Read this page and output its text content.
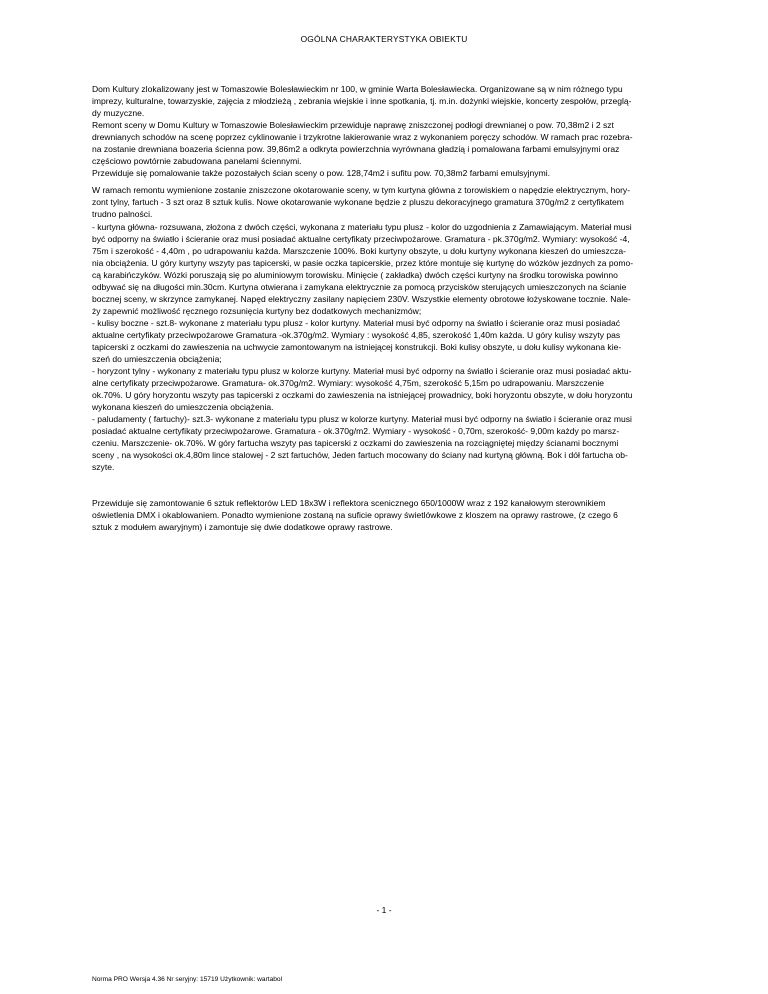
OGÓLNA CHARAKTERYSTYKA OBIEKTU
Dom Kultury zlokalizowany jest w Tomaszowie Bolesławieckim nr 100, w gminie Warta Bolesławiecka. Organizowane są w nim różnego typu
imprezy, kulturalne, towarzyskie, zajęcia z młodzieżą , zebrania wiejskie i inne spotkania, tj. m.in. dożynki wiejskie, koncerty zespołów, przeglą-
dy muzyczne.
Remont sceny w Domu Kultury w Tomaszowie Bolesławieckim przewiduje naprawę zniszczonej podłogi drewnianej o pow. 70,38m2 i 2 szt
drewnianych schodów na scenę poprzez cyklinowanie i trzykrotne lakierowanie wraz z wykonaniem poręczy schodów. W ramach prac rozebra-
na zostanie drewniana boazeria ścienna pow. 39,86m2 a odkryta powierzchnia wyrównana gładzią i pomalowana farbami emulsyjnymi oraz
częściowo powtórnie zabudowana panelami ściennymi.
Przewiduje się pomalowanie także pozostałych ścian sceny o pow. 128,74m2 i sufitu pow. 70,38m2 farbami emulsyjnymi.
W ramach remontu wymienione zostanie zniszczone okotarowanie sceny, w tym kurtyna główna z torowiskiem o napędzie elektrycznym, hory-
zont tylny, fartuch - 3 szt oraz 8 sztuk kulis. Nowe okotarowanie wykonane będzie z pluszu dekoracyjnego gramatura 370g/m2 z certyfikatem
trudno palności.
- kurtyna główna- rozsuwana, złożona z dwóch części, wykonana z materiału typu plusz - kolor do uzgodnienia z Zamawiającym. Materiał musi
być odporny na światło i ścieranie oraz musi posiadać aktualne certyfikaty przeciwpożarowe. Gramatura - pk.370g/m2. Wymiary: wysokość -4,
75m i szerokość - 4,40m , po udrapowaniu każda. Marszczenie 100%. Boki kurtyny obszyte, u dołu kurtyny wykonana kieszeń do umieszcza-
nia obciążenia. U góry kurtyny wszyty pas tapicerski, w pasie oczka tapicerskie, przez które montuje się kurtynę do wózków jezdnych za pomo-
cą karabińczyków. Wózki poruszają się po aluminiowym torowisku. Minięcie ( zakładka) dwóch części kurtyny na środku torowiska powinno
odbywać się na długości min.30cm. Kurtyna otwierana i zamykana elektrycznie za pomocą przycisków sterujących umieszczonych na ścianie
bocznej sceny, w skrzynce zamykanej. Napęd elektryczny zasilany napięciem 230V. Wszystkie elementy obrotowe łożyskowane tocznie. Nale-
ży zapewnić możliwość ręcznego rozsunięcia kurtyny bez dodatkowych mechanizmów;
- kulisy boczne - szt.8- wykonane z materiału typu plusz - kolor kurtyny. Materiał musi być odporny na światło i ścieranie oraz musi posiadać
aktualne certyfikaty przeciwpożarowe Gramatura -ok.370g/m2. Wymiary : wysokość 4,85, szerokość 1,40m każda. U góry kulisy wszyty pas
tapicerski z oczkami do zawieszenia na uchwycie zamontowanym na istniejącej konstrukcji. Boki kulisy obszyte, u dołu kulisy wykonana kie-
szeń do umieszczenia obciążenia;
- horyzont tylny - wykonany z materiału typu plusz w kolorze kurtyny. Materiał musi być odporny na światło i ścieranie oraz musi posiadać aktu-
alne certyfikaty przeciwpożarowe. Gramatura- ok.370g/m2. Wymiary: wysokość 4,75m, szerokość 5,15m po udrapowaniu. Marszczenie
ok.70%. U góry horyzontu wszyty pas tapicerski z oczkami do zawieszenia na istniejącej prowadnicy, boki horyzontu obszyte, w dołu horyzontu
wykonana kieszeń do umieszczenia obciążenia.
- paludamenty ( fartuchy)- szt.3- wykonane z materiału typu plusz w kolorze kurtyny. Materiał musi być odporny na światło i ścieranie oraz musi
posiadać aktualne certyfikaty przeciwpożarowe. Gramatura - ok.370g/m2. Wymiary - wysokość - 0,70m, szerokość- 9,00m każdy po marsz-
czeniu. Marszczenie- ok.70%. W góry fartucha wszyty pas tapicerski z oczkami do zawieszenia na rozciągniętej między ścianami bocznymi
sceny , na wysokości ok.4,80m lince stalowej - 2 szt fartuchów, Jeden fartuch mocowany do ściany nad kurtyną główną. Bok i dół fartucha ob-
szyte.
Przewiduje się zamontowanie 6 sztuk reflektorów LED 18x3W i reflektora scenicznego 650/1000W wraz z 192 kanałowym sterownikiem
oświetlenia DMX i okablowaniem. Ponadto wymienione zostaną na suficie oprawy świetlówkowe z kloszem na oprawy rastrowe, (z czego 6
sztuk z modułem awaryjnym) i zamontuje się dwie dodatkowe oprawy rastrowe.
- 1 -
Norma PRO Wersja 4.36 Nr seryjny: 15719 Użytkownik: wartabol
